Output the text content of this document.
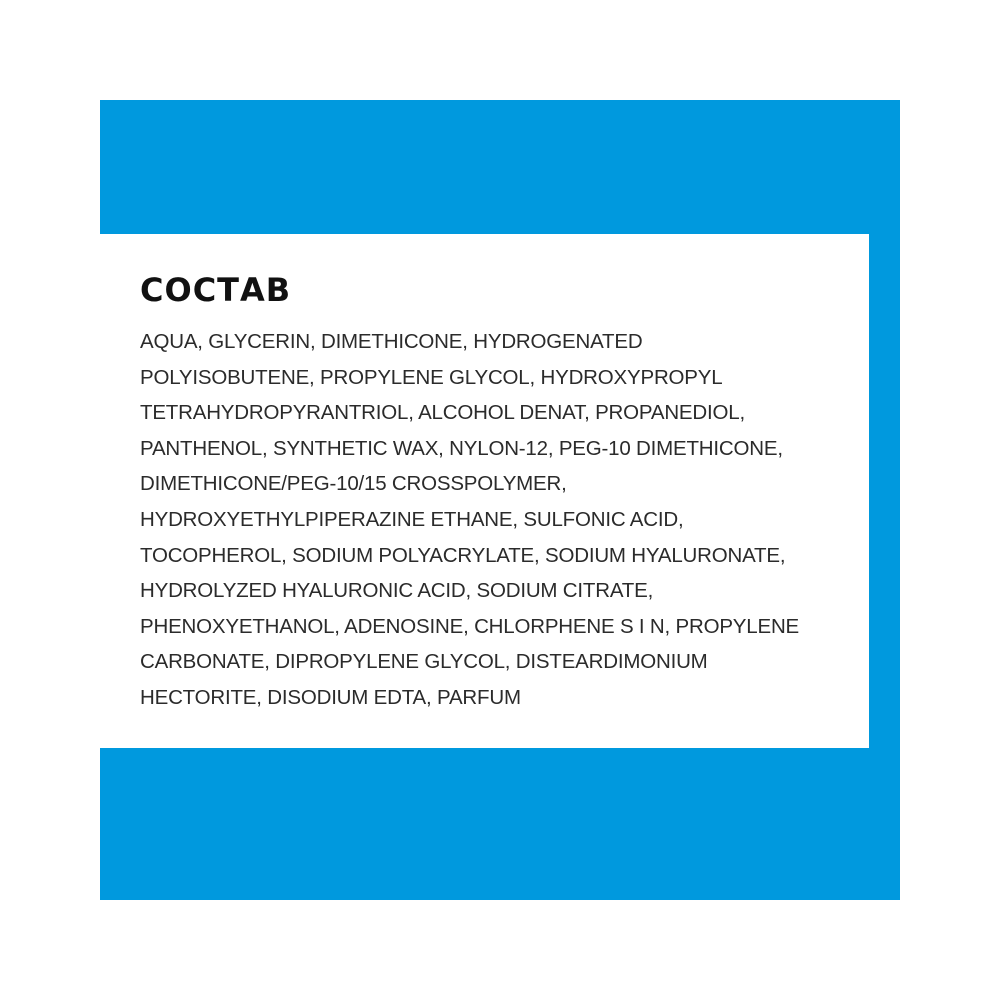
СОСТАВ
AQUA, GLYCERIN, DIMETHICONE, HYDROGENATED
POLYISOBUTENE, PROPYLENE GLYCOL, HYDROXYPROPYL
TETRAHYDROPYRANTRIOL, ALCOHOL DENAT, PROPANEDIOL,
PANTHENOL, SYNTHETIC WAX, NYLON-12, PEG-10 DIMETHICONE,
DIMETHICONE/PEG-10/15 CROSSPOLYMER,
HYDROXYETHYLPIPERAZINE ETHANE, SULFONIC ACID,
TOCOPHEROL, SODIUM POLYACRYLATE, SODIUM HYALURONATE,
HYDROLYZED HYALURONIC ACID, SODIUM CITRATE,
PHENOXYETHANOL, ADENOSINE, CHLORPHENE S I N, PROPYLENE
CARBONATE, DIPROPYLENE GLYCOL, DISTEARDIMONIUM
HECTORITE, DISODIUM EDTA, PARFUM
